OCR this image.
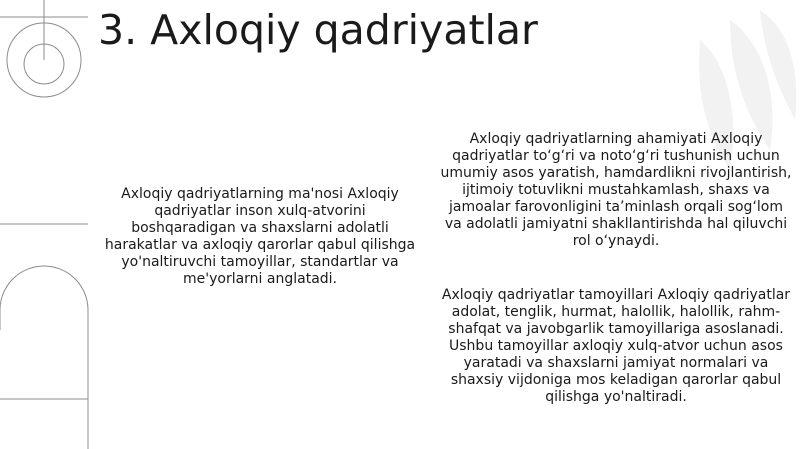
3. Axloqiy qadriyatlar

Axloqiy qadriyatlarning ma'nosi Axloqiy qadriyatlar inson xulq-atvorini boshqaradigan va shaxslarni adolatli harakatlar va axloqiy qarorlar qabul qilishga yo'naltiruvchi tamoyillar, standartlar va me'yorlarni anglatadi.

Axloqiy qadriyatlarning ahamiyati Axloqiy qadriyatlar to‘g‘ri va noto‘g‘ri tushunish uchun umumiy asos yaratish, hamdardlikni rivojlantirish, ijtimoiy totuvlikni mustahkamlash, shaxs va jamoalar farovonligini ta’minlash orqali sog‘lom va adolatli jamiyatni shakllantirishda hal qiluvchi rol o‘ynaydi.

Axloqiy qadriyatlar tamoyillari Axloqiy qadriyatlar adolat, tenglik, hurmat, halollik, halollik, rahm-shafqat va javobgarlik tamoyillariga asoslanadi. Ushbu tamoyillar axloqiy xulq-atvor uchun asos yaratadi va shaxslarni jamiyat normalari va shaxsiy vijdoniga mos keladigan qarorlar qabul qilishga yo'naltiradi.
